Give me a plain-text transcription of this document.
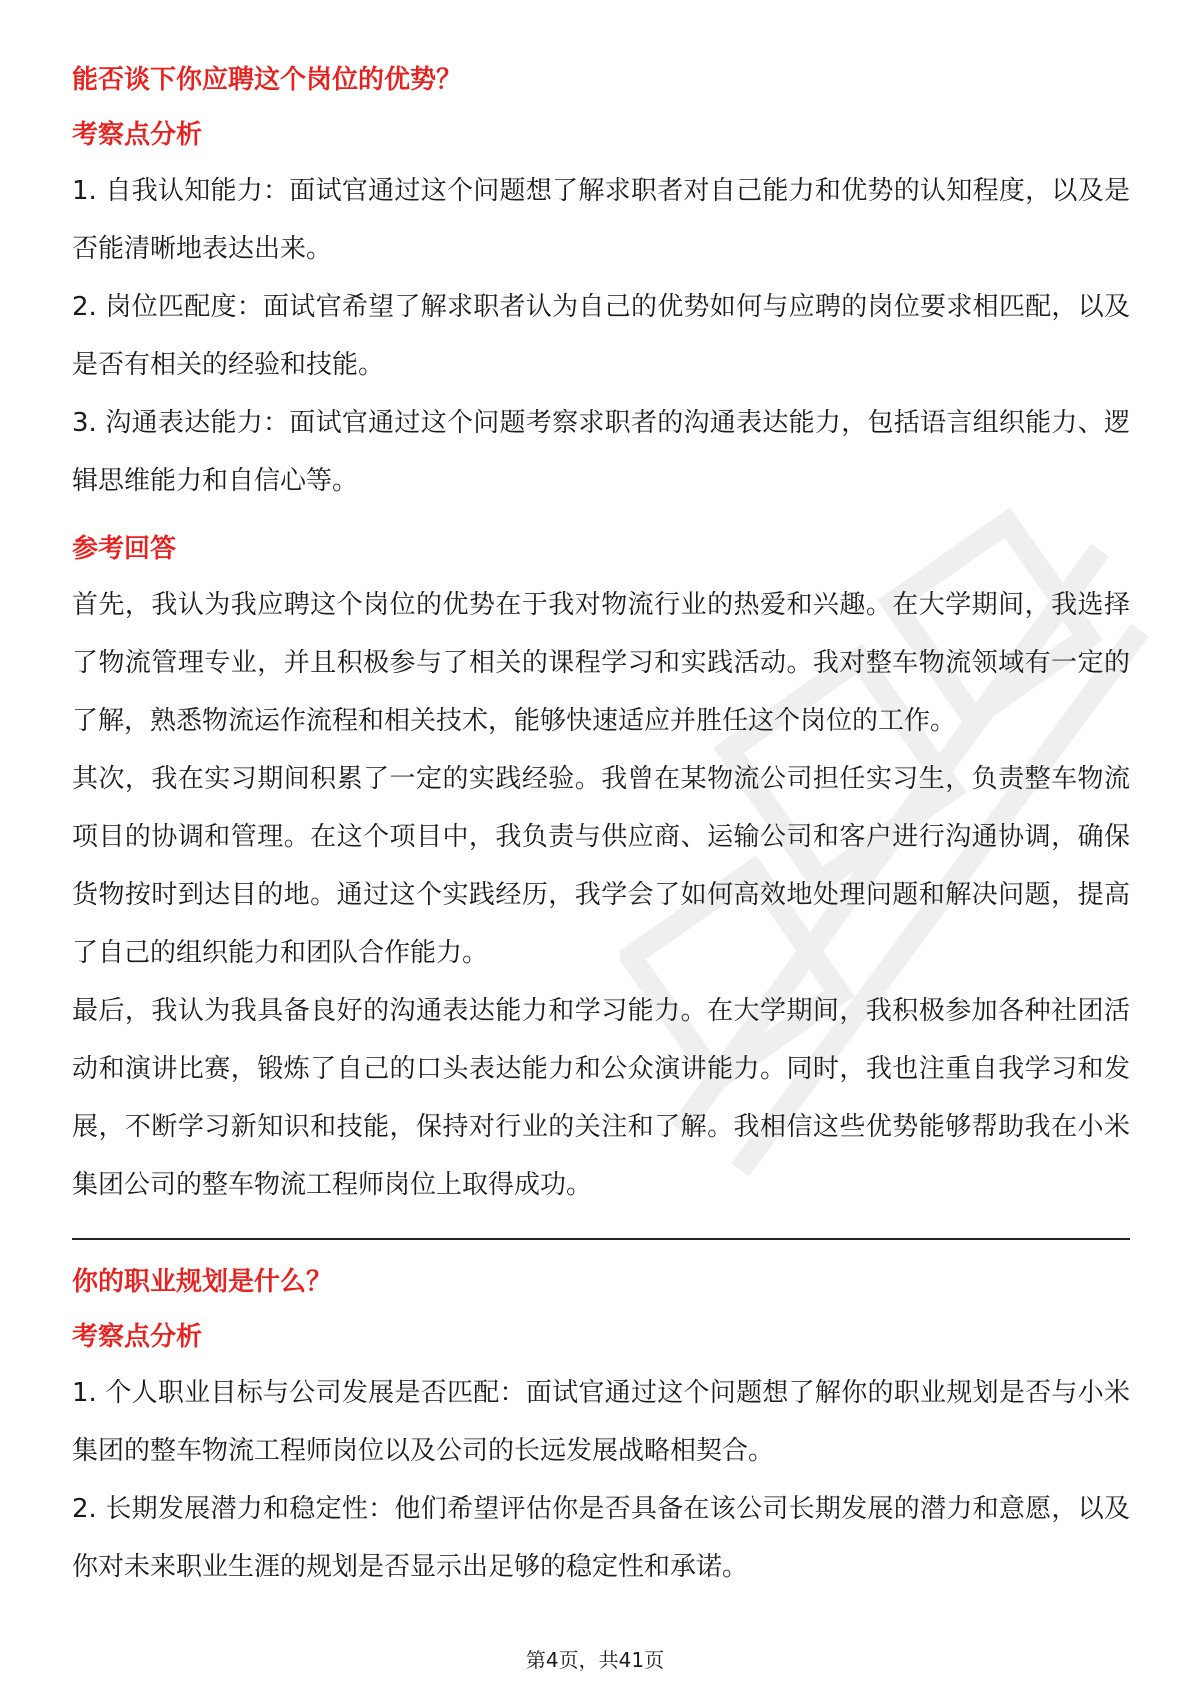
能否谈下你应聘这个岗位的优势？
考察点分析

1. 自我认知能力：面试官通过这个问题想了解求职者对自己能力和优势的认知程度，以及是否能清晰地表达出来。

2. 岗位匹配度：面试官希望了解求职者认为自己的优势如何与应聘的岗位要求相匹配，以及是否有相关的经验和技能。

3. 沟通表达能力：面试官通过这个问题考察求职者的沟通表达能力，包括语言组织能力、逻辑思维能力和自信心等。

参考回答

首先，我认为我应聘这个岗位的优势在于我对物流行业的热爱和兴趣。在大学期间，我选择了物流管理专业，并且积极参与了相关的课程学习和实践活动。我对整车物流领域有一定的了解，熟悉物流运作流程和相关技术，能够快速适应并胜任这个岗位的工作。

其次，我在实习期间积累了一定的实践经验。我曾在某物流公司担任实习生，负责整车物流项目的协调和管理。在这个项目中，我负责与供应商、运输公司和客户进行沟通协调，确保货物按时到达目的地。通过这个实践经历，我学会了如何高效地处理问题和解决问题，提高了自己的组织能力和团队合作能力。

最后，我认为我具备良好的沟通表达能力和学习能力。在大学期间，我积极参加各种社团活动和演讲比赛，锻炼了自己的口头表达能力和公众演讲能力。同时，我也注重自我学习和发展，不断学习新知识和技能，保持对行业的关注和了解。我相信这些优势能够帮助我在小米集团公司的整车物流工程师岗位上取得成功。

你的职业规划是什么？
考察点分析

1. 个人职业目标与公司发展是否匹配：面试官通过这个问题想了解你的职业规划是否与小米集团的整车物流工程师岗位以及公司的长远发展战略相契合。

2. 长期发展潜力和稳定性：他们希望评估你是否具备在该公司长期发展的潜力和意愿，以及你对未来职业生涯的规划是否显示出足够的稳定性和承诺。

第4页，共41页
